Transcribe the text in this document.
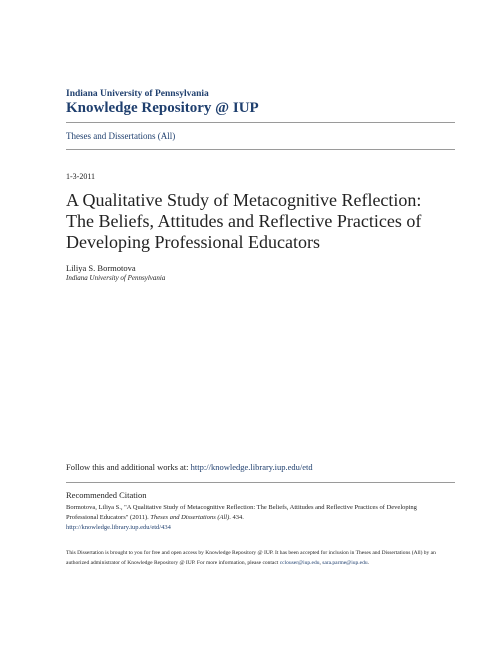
Indiana University of Pennsylvania
Knowledge Repository @ IUP
Theses and Dissertations (All)
1-3-2011
A Qualitative Study of Metacognitive Reflection:
The Beliefs, Attitudes and Reflective Practices of
Developing Professional Educators
Liliya S. Bormotova
Indiana University of Pennsylvania
Follow this and additional works at: http://knowledge.library.iup.edu/etd
Recommended Citation
Bormotova, Liliya S., "A Qualitative Study of Metacognitive Reflection: The Beliefs, Attitudes and Reflective Practices of Developing Professional Educators" (2011). Theses and Dissertations (All). 434.
http://knowledge.library.iup.edu/etd/434
This Dissertation is brought to you for free and open access by Knowledge Repository @ IUP. It has been accepted for inclusion in Theses and Dissertations (All) by an authorized administrator of Knowledge Repository @ IUP. For more information, please contact cclouser@iup.edu, sara.parme@iup.edu.
